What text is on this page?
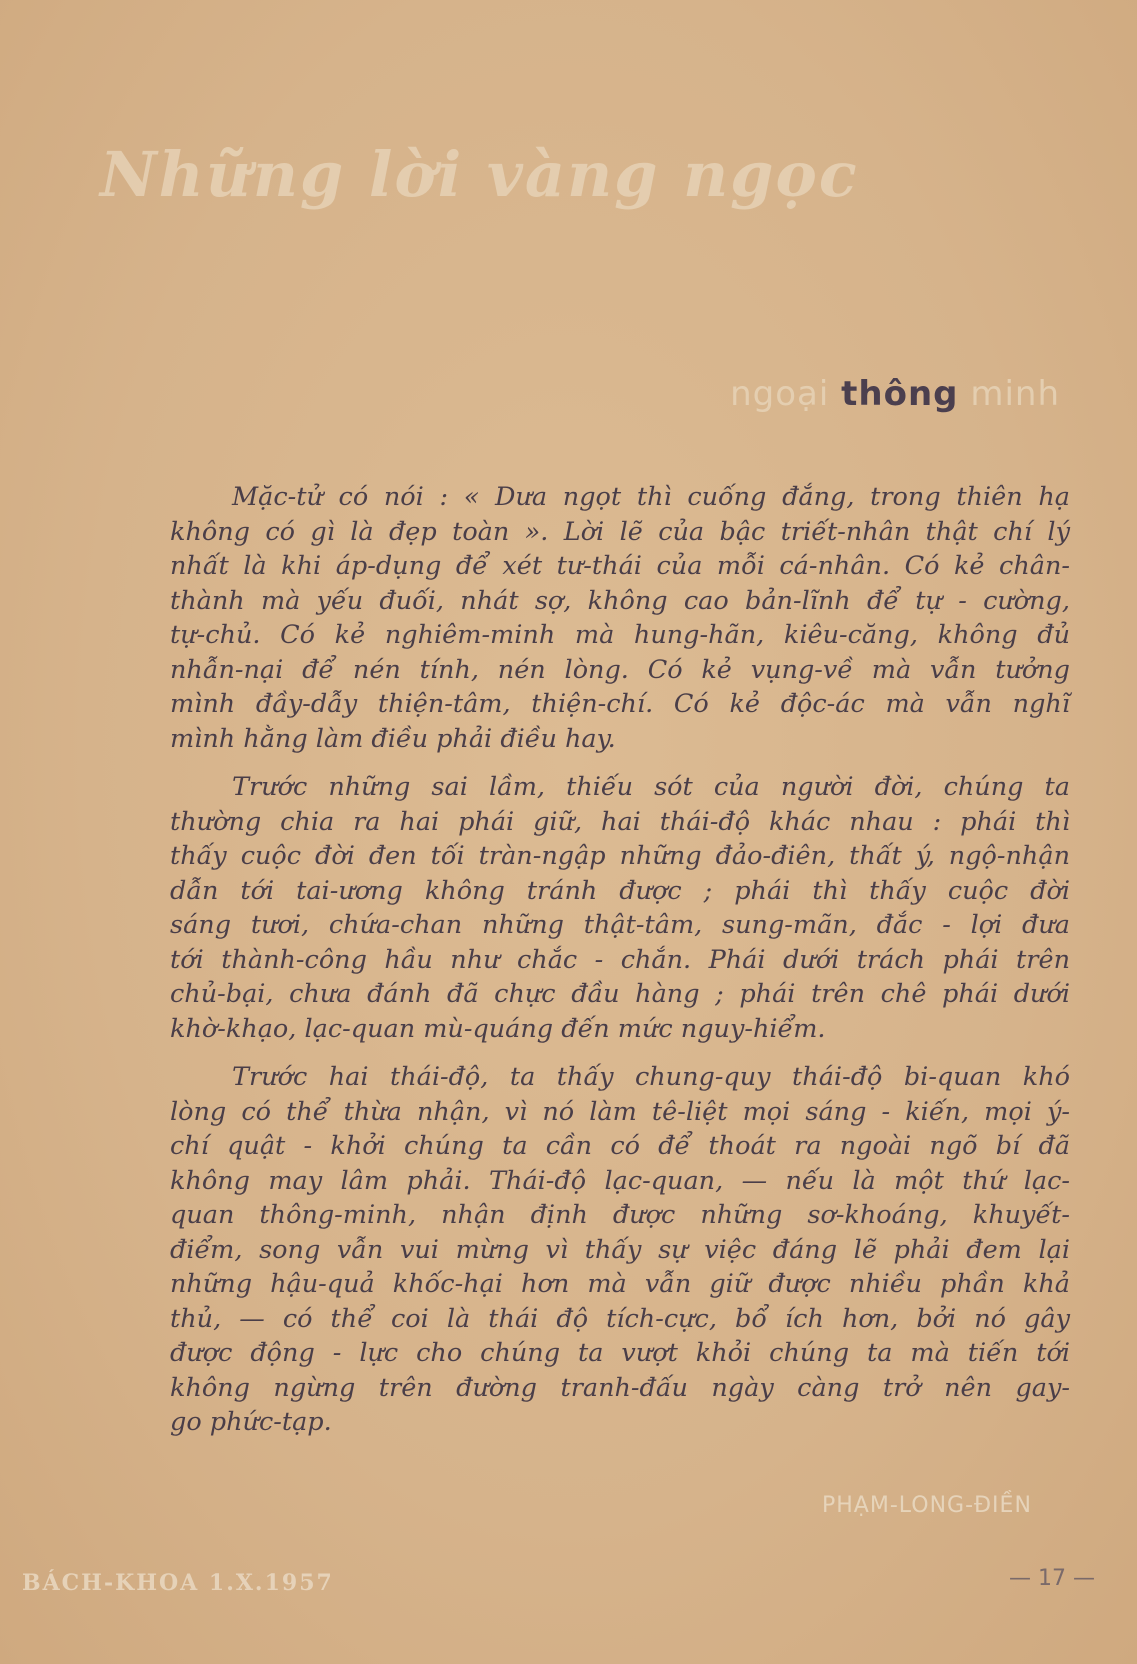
Những lời vàng ngọc
ngoại thông minh

Mặc-tử có nói : « Dưa ngọt thì cuống đắng, trong thiên hạ
không có gì là đẹp toàn ». Lời lẽ của bậc triết-nhân thật chí lý
nhất là khi áp-dụng để xét tư-thái của mỗi cá-nhân. Có kẻ chân-
thành mà yếu đuối, nhát sợ, không cao bản-lĩnh để tự - cường,
tự-chủ. Có kẻ nghiêm-minh mà hung-hãn, kiêu-căng, không đủ
nhẫn-nại để nén tính, nén lòng. Có kẻ vụng-về mà vẫn tưởng
mình đầy-dẫy thiện-tâm, thiện-chí. Có kẻ độc-ác mà vẫn nghĩ
mình hằng làm điều phải điều hay.

Trước những sai lầm, thiếu sót của người đời, chúng ta
thường chia ra hai phái giữ, hai thái-độ khác nhau : phái thì
thấy cuộc đời đen tối tràn-ngập những đảo-điên, thất ý, ngộ-nhận
dẫn tới tai-ương không tránh được ; phái thì thấy cuộc đời
sáng tươi, chứa-chan những thật-tâm, sung-mãn, đắc - lợi đưa
tới thành-công hầu như chắc - chắn. Phái dưới trách phái trên
chủ-bại, chưa đánh đã chực đầu hàng ; phái trên chê phái dưới
khờ-khạo, lạc-quan mù-quáng đến mức nguy-hiểm.

Trước hai thái-độ, ta thấy chung-quy thái-độ bi-quan khó
lòng có thể thừa nhận, vì nó làm tê-liệt mọi sáng - kiến, mọi ý-
chí quật - khởi chúng ta cần có để thoát ra ngoài ngõ bí đã
không may lâm phải. Thái-độ lạc-quan, — nếu là một thứ lạc-
quan thông-minh, nhận định được những sơ-khoáng, khuyết-
điểm, song vẫn vui mừng vì thấy sự việc đáng lẽ phải đem lại
những hậu-quả khốc-hại hơn mà vẫn giữ được nhiều phần khả
thủ, — có thể coi là thái độ tích-cực, bổ ích hơn, bởi nó gây
được động - lực cho chúng ta vượt khỏi chúng ta mà tiến tới
không ngừng trên đường tranh-đấu ngày càng trở nên gay-
go phức-tạp.

PHẠM-LONG-ĐIỀN
BÁCH-KHOA 1.X.1957	— 17 —
